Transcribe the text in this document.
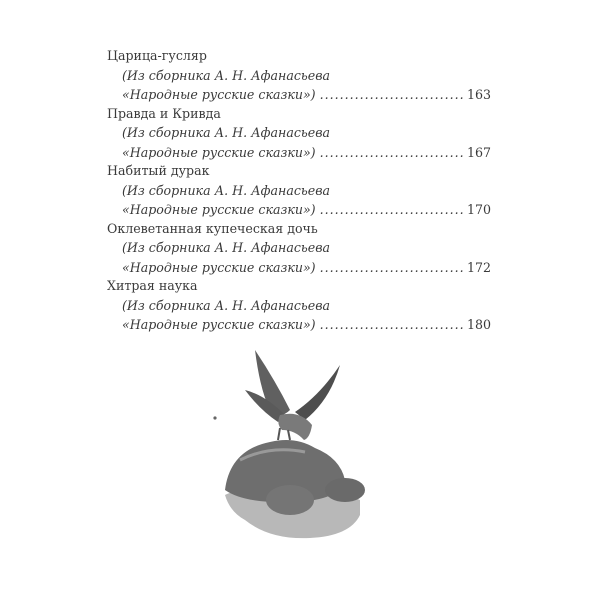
Царица-гусляр
(Из сборника А. Н. Афанасьева
«Народные русские сказки») .....	163
Правда и Кривда
(Из сборника А. Н. Афанасьева
«Народные русские сказки») .....	167
Набитый дурак
(Из сборника А. Н. Афанасьева
«Народные русские сказки») .....	170
Оклеветанная купеческая дочь
(Из сборника А. Н. Афанасьева
«Народные русские сказки») .....	172
Хитрая наука
(Из сборника А. Н. Афанасьева
«Народные русские сказки») .....	180
